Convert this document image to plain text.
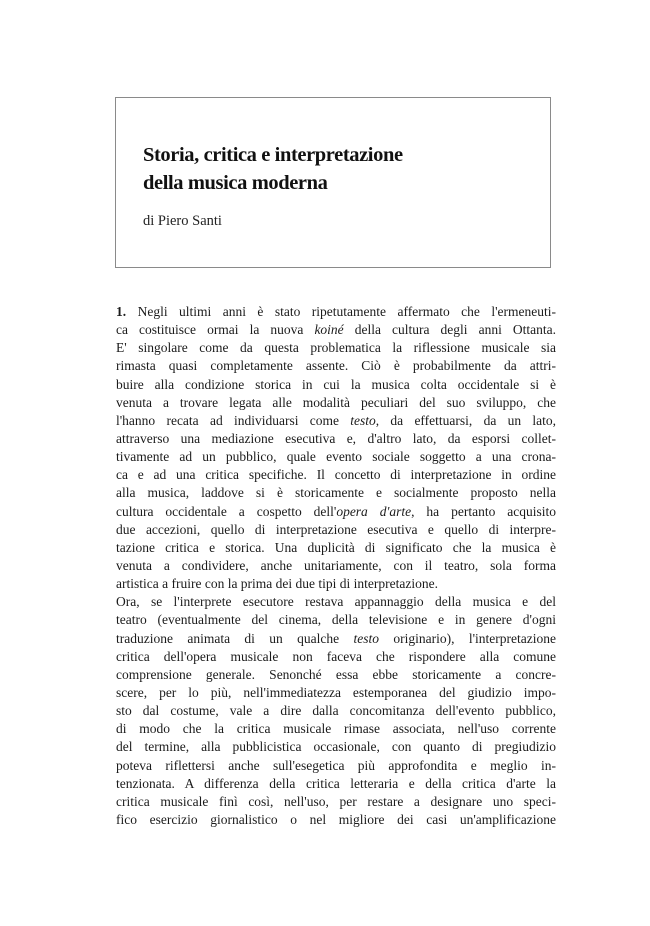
Storia, critica e interpretazione
della musica moderna
di Piero Santi
1. Negli ultimi anni è stato ripetutamente affermato che l'ermeneuti-
ca costituisce ormai la nuova koiné della cultura degli anni Ottanta.
E' singolare come da questa problematica la riflessione musicale sia
rimasta quasi completamente assente. Ciò è probabilmente da attri-
buire alla condizione storica in cui la musica colta occidentale si è
venuta a trovare legata alle modalità peculiari del suo sviluppo, che
l'hanno recata ad individuarsi come testo, da effettuarsi, da un lato,
attraverso una mediazione esecutiva e, d'altro lato, da esporsi collet-
tivamente ad un pubblico, quale evento sociale soggetto a una crona-
ca e ad una critica specifiche. Il concetto di interpretazione in ordine
alla musica, laddove si è storicamente e socialmente proposto nella
cultura occidentale a cospetto dell'opera d'arte, ha pertanto acquisito
due accezioni, quello di interpretazione esecutiva e quello di interpre-
tazione critica e storica. Una duplicità di significato che la musica è
venuta a condividere, anche unitariamente, con il teatro, sola forma
artistica a fruire con la prima dei due tipi di interpretazione.
Ora, se l'interprete esecutore restava appannaggio della musica e del
teatro (eventualmente del cinema, della televisione e in genere d'ogni
traduzione animata di un qualche testo originario), l'interpretazione
critica dell'opera musicale non faceva che rispondere alla comune
comprensione generale. Senonché essa ebbe storicamente a concre-
scere, per lo più, nell'immediatezza estemporanea del giudizio impo-
sto dal costume, vale a dire dalla concomitanza dell'evento pubblico,
di modo che la critica musicale rimase associata, nell'uso corrente
del termine, alla pubblicistica occasionale, con quanto di pregiudizio
poteva riflettersi anche sull'esegetica più approfondita e meglio in-
tenzionata. A differenza della critica letteraria e della critica d'arte la
critica musicale finì così, nell'uso, per restare a designare uno speci-
fico esercizio giornalistico o nel migliore dei casi un'amplificazione
